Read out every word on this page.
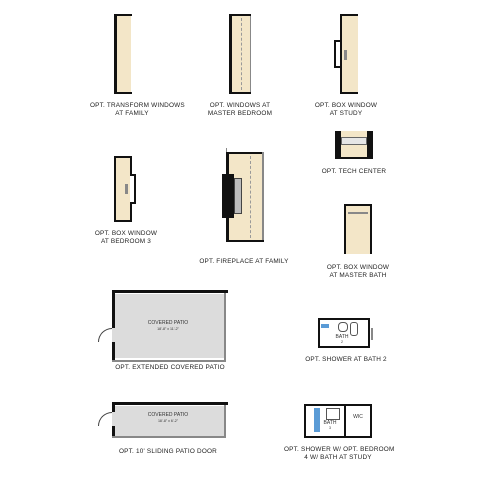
OPT. TRANSFORM WINDOWS
AT FAMILY
OPT. WINDOWS AT
MASTER BEDROOM
OPT. BOX WINDOW
AT STUDY
OPT. TECH CENTER
OPT. BOX WINDOW
AT BEDROOM 3
OPT. FIREPLACE AT FAMILY
OPT. BOX WINDOW
AT MASTER BATH
COVERED PATIO
18'-8" x 11'-2"
OPT. EXTENDED COVERED PATIO
BATH
2
OPT. SHOWER AT BATH 2
COVERED PATIO
18'-8" x 6'-2"
OPT. 10' SLIDING PATIO DOOR
BATH
3
WIC
OPT. SHOWER W/ OPT. BEDROOM
4 W/ BATH AT STUDY
